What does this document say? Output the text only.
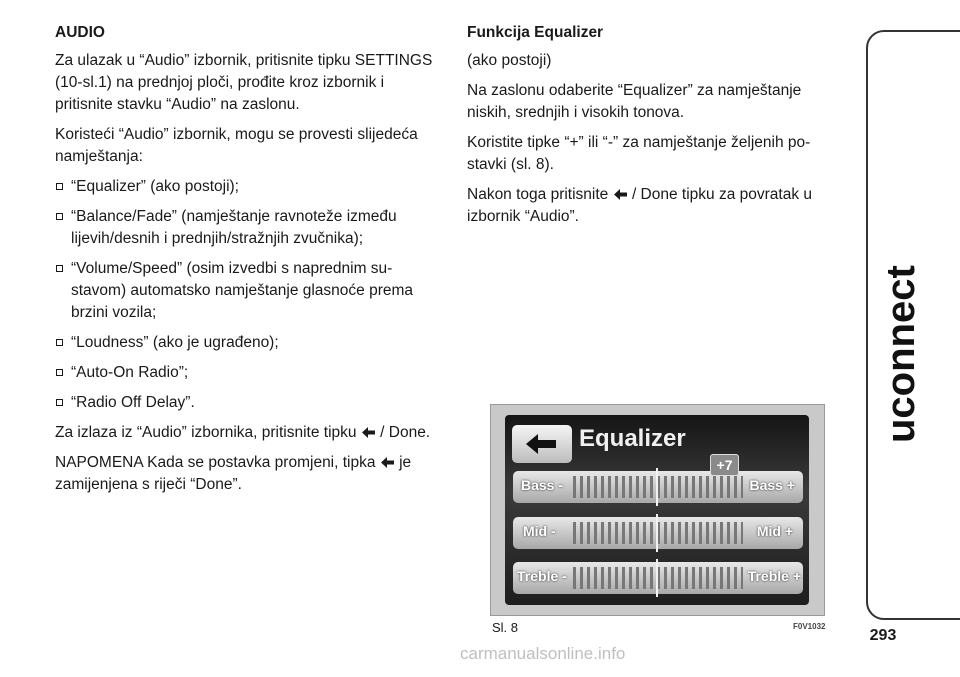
AUDIO

Za ulazak u “Audio” izbornik, pritisnite tipku SETTINGS (10-sl.1) na prednjoj ploči, prođite kroz izbornik i pritisnite stavku “Audio” na zaslonu.

Koristeći “Audio” izbornik, mogu se provesti slijedeća namještanja:

“Equalizer” (ako postoji);
“Balance/Fade” (namještanje ravnoteže između lijevih/desnih i prednjih/stražnjih zvučnika);
“Volume/Speed” (osim izvedbi s naprednim su-stavom) automatsko namještanje glasnoće prema brzini vozila;
“Loudness” (ako je ugrađeno);
“Auto-On Radio”;
“Radio Off Delay”.

Za izlaza iz “Audio” izbornika, pritisnite tipku / Done.

NAPOMENA Kada se postavka promjeni, tipka je zamijenjena s riječi “Done”.

Funkcija Equalizer

(ako postoji)

Na zaslonu odaberite “Equalizer” za namještanje niskih, srednjih i visokih tonova.

Koristite tipke “+” ili “-” za namještanje željenih po-stavki (sl. 8).

Nakon toga pritisnite / Done tipku za povratak u izbornik “Audio”.

Equalizer
Bass -	Bass +
Mid -	Mid +
Treble -	Treble +
+7
Sl. 8	F0V1032
uconnect
293
carmanualsonline.info
